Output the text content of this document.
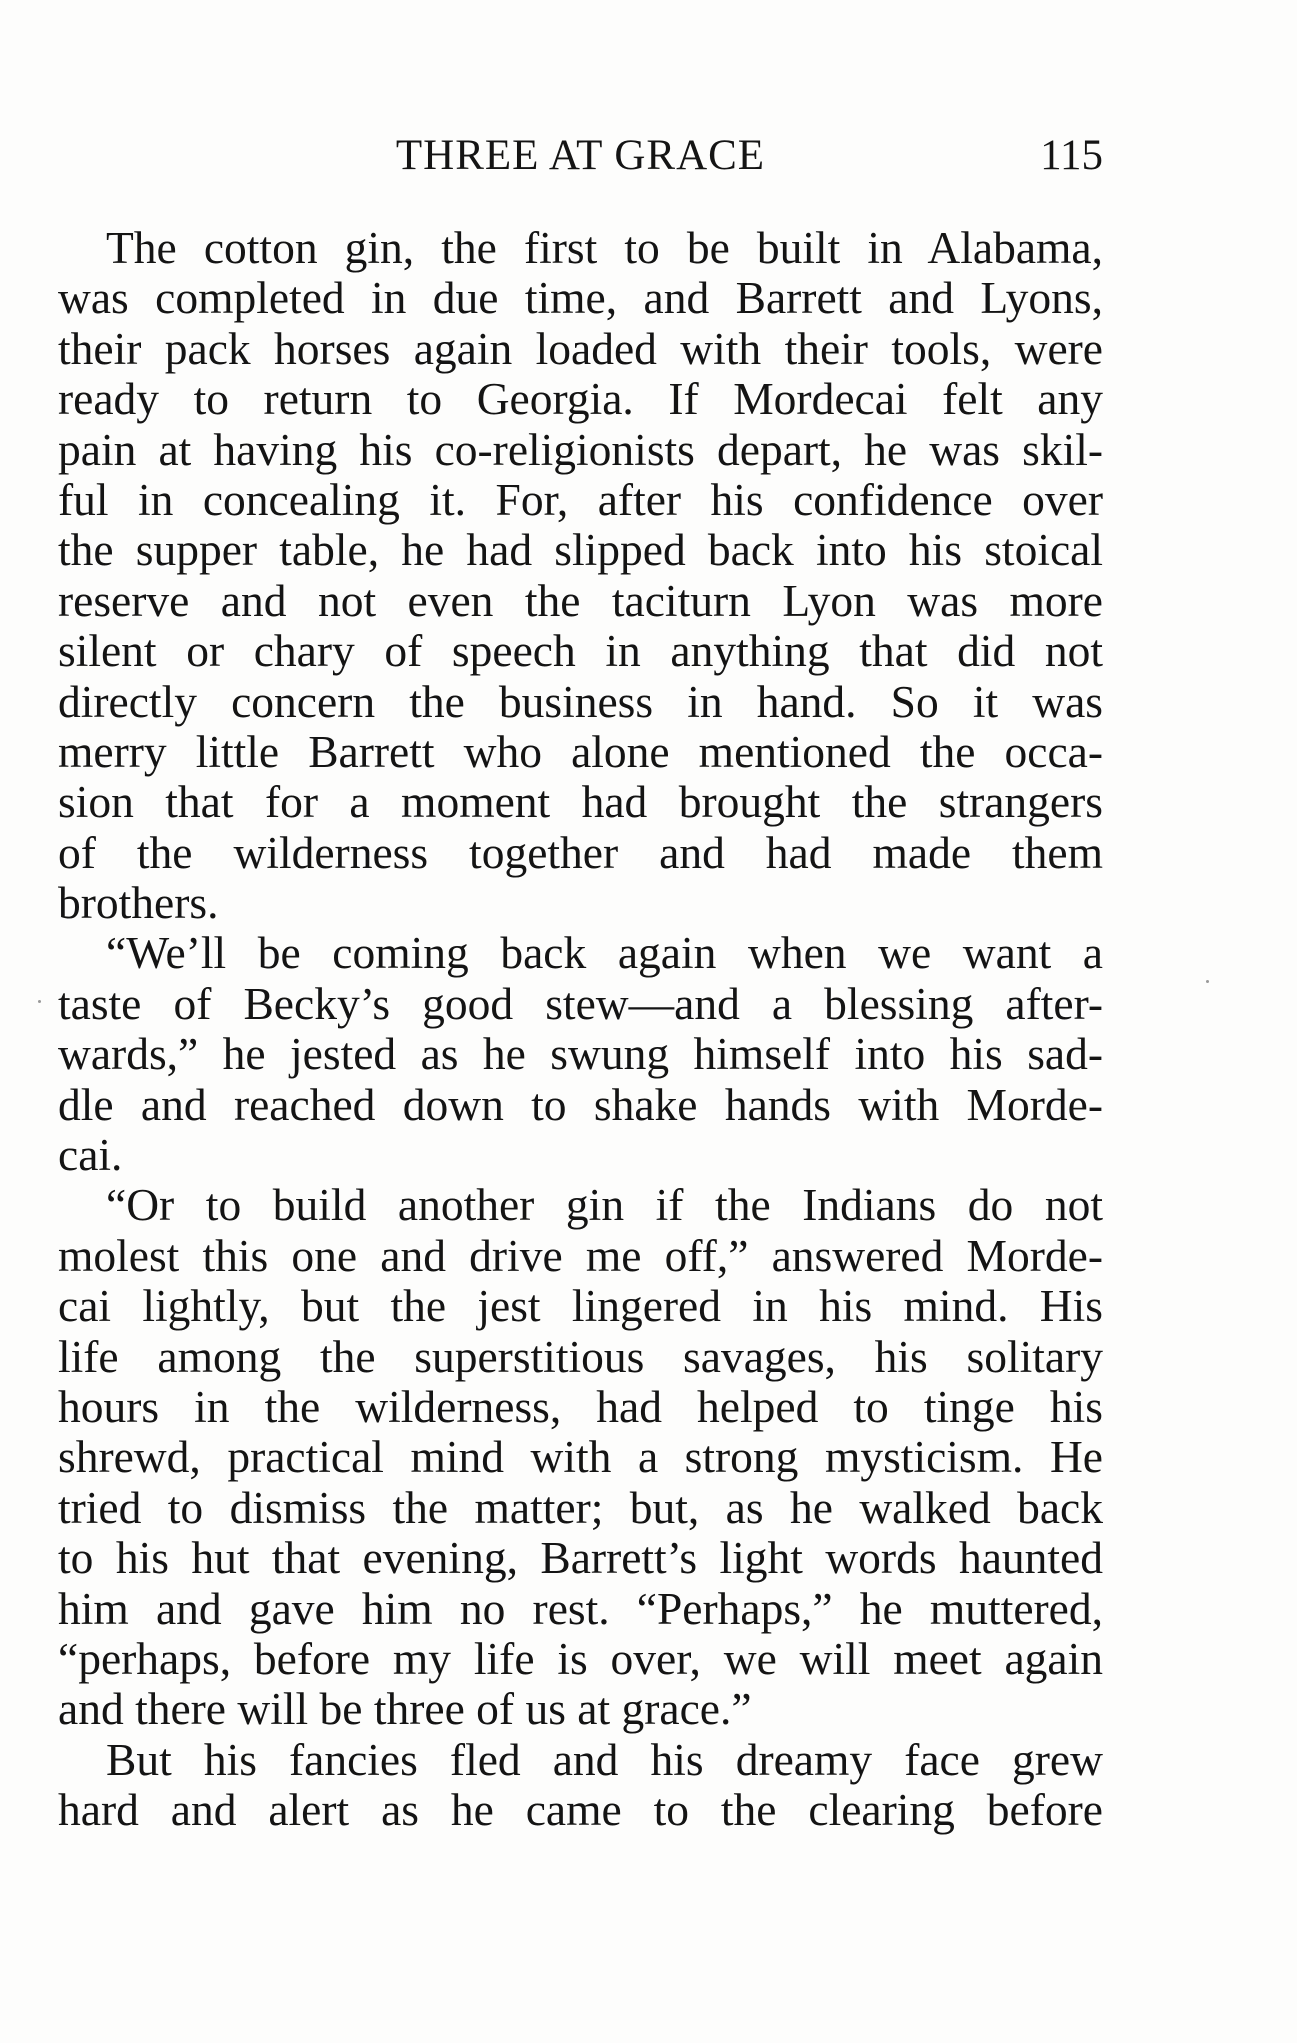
THREE AT GRACE	115
The cotton gin, the first to be built in Alabama,
was completed in due time, and Barrett and Lyons,
their pack horses again loaded with their tools, were
ready to return to Georgia. If Mordecai felt any
pain at having his co-religionists depart, he was skil-
ful in concealing it. For, after his confidence over
the supper table, he had slipped back into his stoical
reserve and not even the taciturn Lyon was more
silent or chary of speech in anything that did not
directly concern the business in hand. So it was
merry little Barrett who alone mentioned the occa-
sion that for a moment had brought the strangers
of the wilderness together and had made them
brothers.
“We’ll be coming back again when we want a
taste of Becky’s good stew—and a blessing after-
wards,” he jested as he swung himself into his sad-
dle and reached down to shake hands with Morde-
cai.
“Or to build another gin if the Indians do not
molest this one and drive me off,” answered Morde-
cai lightly, but the jest lingered in his mind. His
life among the superstitious savages, his solitary
hours in the wilderness, had helped to tinge his
shrewd, practical mind with a strong mysticism. He
tried to dismiss the matter; but, as he walked back
to his hut that evening, Barrett’s light words haunted
him and gave him no rest. “Perhaps,” he muttered,
“perhaps, before my life is over, we will meet again
and there will be three of us at grace.”
But his fancies fled and his dreamy face grew
hard and alert as he came to the clearing before
